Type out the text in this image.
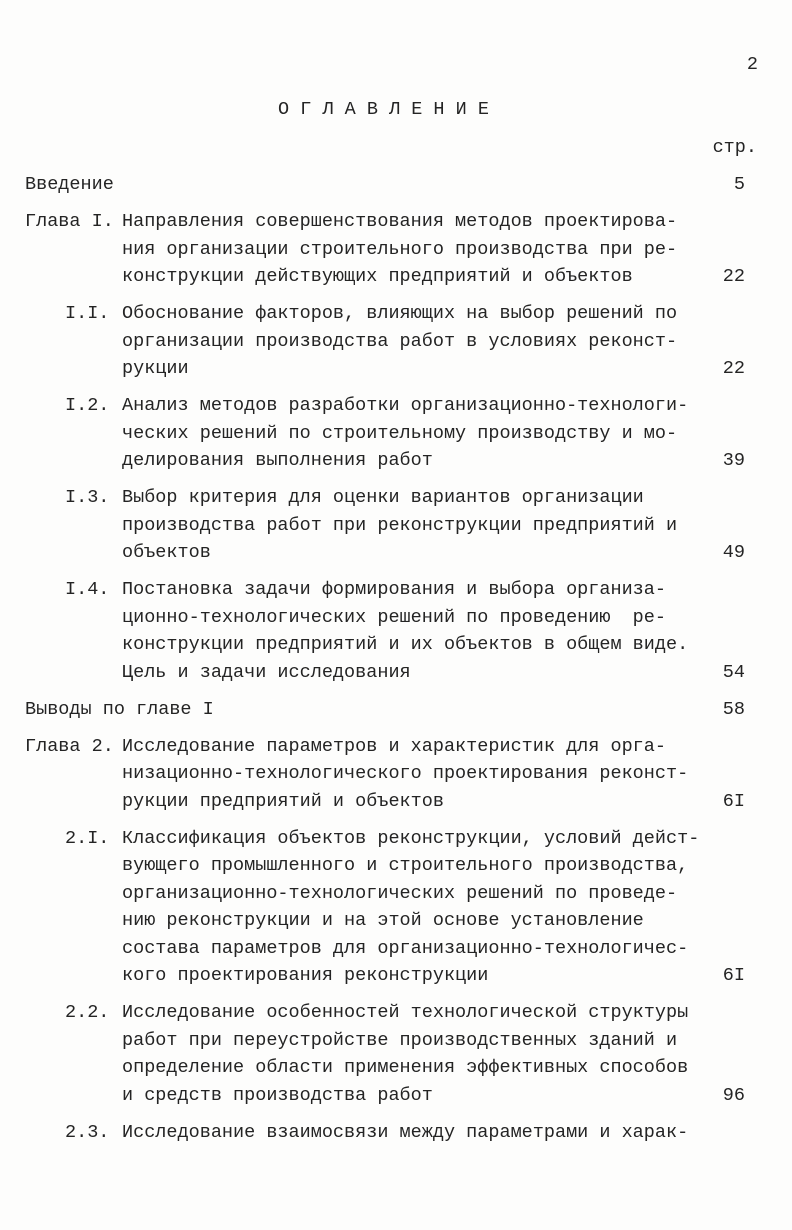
2
О Г Л А В Л Е Н И Е
стр.
Введение	5
Глава I. Направления совершенствования методов проектирова-
ния организации строительного производства при ре-
конструкции действующих предприятий и объектов	22
I.I. Обоснование факторов, влияющих на выбор решений по
организации производства работ в условиях реконст-
рукции	22
I.2. Анализ методов разработки организационно-технологи-
ческих решений по строительному производству и мо-
делирования выполнения работ	39
I.3. Выбор критерия для оценки вариантов организации
производства работ при реконструкции предприятий и
объектов	49
I.4. Постановка задачи формирования и выбора организа-
ционно-технологических решений по проведению  ре-
конструкции предприятий и их объектов в общем виде.
Цель и задачи исследования	54
Выводы по главе I	58
Глава 2. Исследование параметров и характеристик для орга-
низационно-технологического проектирования реконст-
рукции предприятий и объектов	6I
2.I. Классификация объектов реконструкции, условий дейст-
вующего промышленного и строительного производства,
организационно-технологических решений по проведе-
нию реконструкции и на этой основе установление
состава параметров для организационно-технологичес-
кого проектирования реконструкции	6I
2.2. Исследование особенностей технологической структуры
работ при переустройстве производственных зданий и
определение области применения эффективных способов
и средств производства работ	96
2.3. Исследование взаимосвязи между параметрами и харак-
